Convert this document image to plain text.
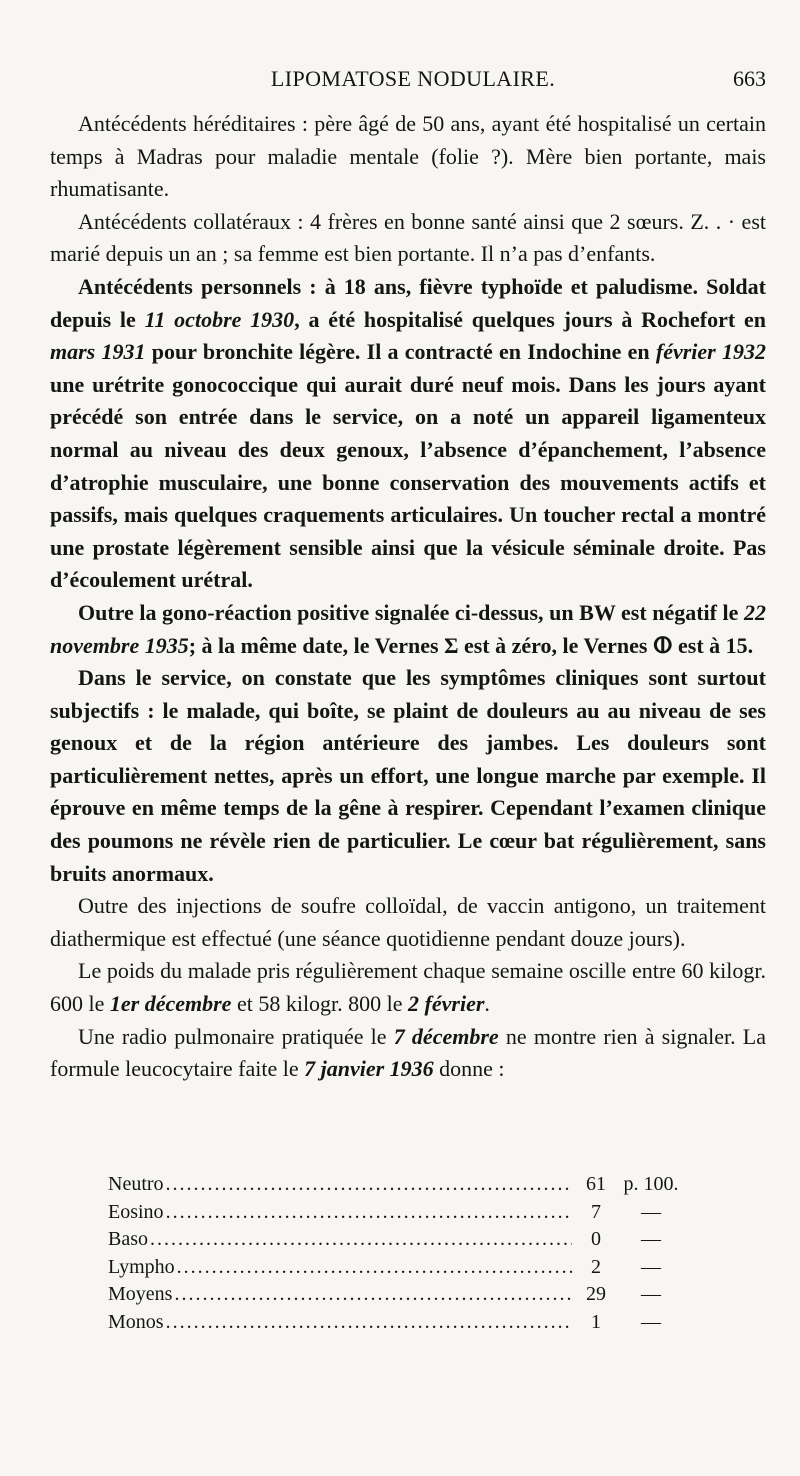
LIPOMATOSE NODULAIRE.	663

Antécédents héréditaires : père âgé de 50 ans, ayant été hospitalisé un certain temps à Madras pour maladie mentale (folie ?). Mère bien portante, mais rhumatisante.

Antécédents collatéraux : 4 frères en bonne santé ainsi que 2 sœurs. Z. . · est marié depuis un an ; sa femme est bien portante. Il n’a pas d’enfants.

Antécédents personnels : à 18 ans, fièvre typhoïde et paludisme. Soldat depuis le 11 octobre 1930, a été hospitalisé quelques jours à Rochefort en mars 1931 pour bronchite légère. Il a contracté en Indochine en février 1932 une urétrite gonococcique qui aurait duré neuf mois. Dans les jours ayant précédé son entrée dans le service, on a noté un appareil ligamenteux normal au niveau des deux genoux, l’absence d’épanchement, l’absence d’atrophie musculaire, une bonne conservation des mouvements actifs et passifs, mais quelques craquements articulaires. Un toucher rectal a montré une prostate légèrement sensible ainsi que la vésicule séminale droite. Pas d’écoulement urétral.

Outre la gono-réaction positive signalée ci-dessus, un BW est négatif le 22 novembre 1935; à la même date, le Vernes Σ est à zéro, le Vernes ⵀ est à 15.

Dans le service, on constate que les symptômes cliniques sont surtout subjectifs : le malade, qui boîte, se plaint de douleurs au au niveau de ses genoux et de la région antérieure des jambes. Les douleurs sont particulièrement nettes, après un effort, une longue marche par exemple. Il éprouve en même temps de la gêne à respirer. Cependant l’examen clinique des poumons ne révèle rien de particulier. Le cœur bat régulièrement, sans bruits anormaux.

Outre des injections de soufre colloïdal, de vaccin antigono, un traitement diathermique est effectué (une séance quotidienne pendant douze jours).

Le poids du malade pris régulièrement chaque semaine oscille entre 60 kilogr. 600 le 1er décembre et 58 kilogr. 800 le 2 février.

Une radio pulmonaire pratiquée le 7 décembre ne montre rien à signaler. La formule leucocytaire faite le 7 janvier 1936 donne :

Neutro .....	61 p. 100.
Eosino .....	7	—
Baso .....	0	—
Lympho .....	2	—
Moyens .....	29	—
Monos .....	1	—
